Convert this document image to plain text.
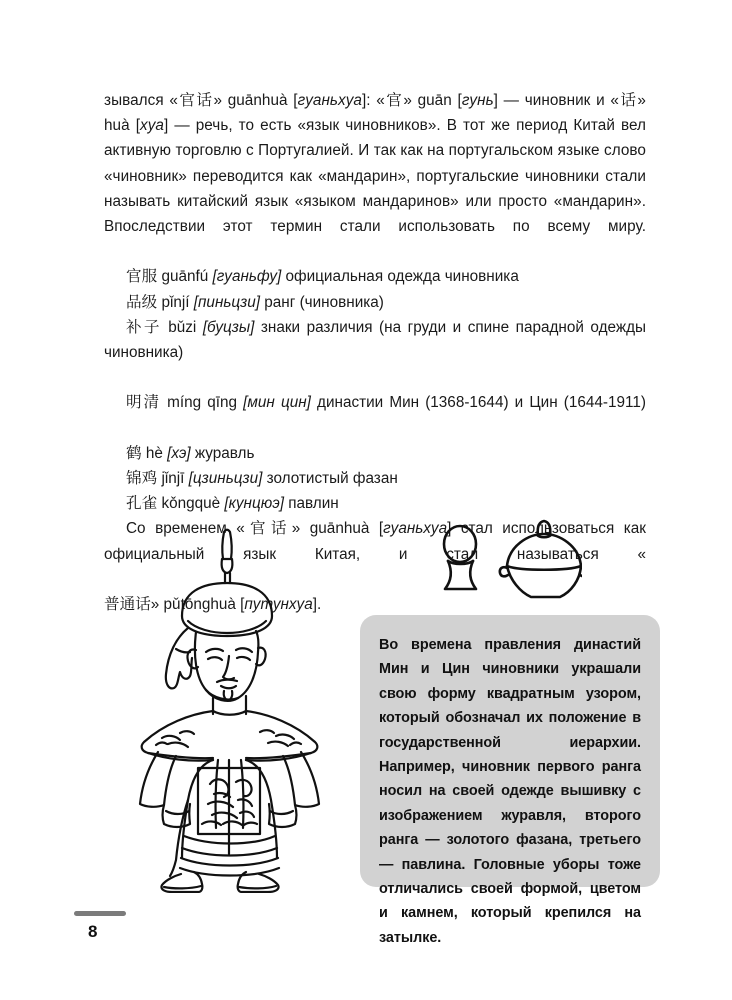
зывался «官话» guānhuà [гуаньхуа]: «官» guān [гунь] — чиновник и «话» huà [хуа] — речь, то есть «язык чиновников». В тот же период Китай вел активную торговлю с Португалией. И так как на португальском языке слово «чиновник» переводится как «мандарин», португальские чиновники стали называть китайский язык «языком мандаринов» или просто «мандарин». Впоследствии этот термин стали использовать по всему миру.

官服 guānfú [гуаньфу] официальная одежда чиновника

品级 pǐnjí [пиньцзи] ранг (чиновника)

补子 bǔzi [буцзы] знаки различия (на груди и спине парадной одежды чиновника)

明清 míng qīng [мин цин] династии Мин (1368-1644) и Цин (1644-1911)

鹤 hè [хэ] журавль

锦鸡 jǐnjī [цзиньцзи] золотистый фазан

孔雀 kǒngquè [кунцюэ] павлин

Со временем «官话» guānhuà [гуаньхуа] стал использоваться как официальный язык Китая, и стал называться «

普通话» pǔtōnghuà [путунхуа].

Во времена правления династий Мин и Цин чиновники украшали свою форму квадратным узором, который обозначал их положение в государственной иерархии. Например, чиновник первого ранга носил на своей одежде вышивку с изображением журавля, второго ранга — золотого фазана, третьего — павлина. Головные уборы тоже отличались своей формой, цветом и камнем, который крепился на затылке.

8
